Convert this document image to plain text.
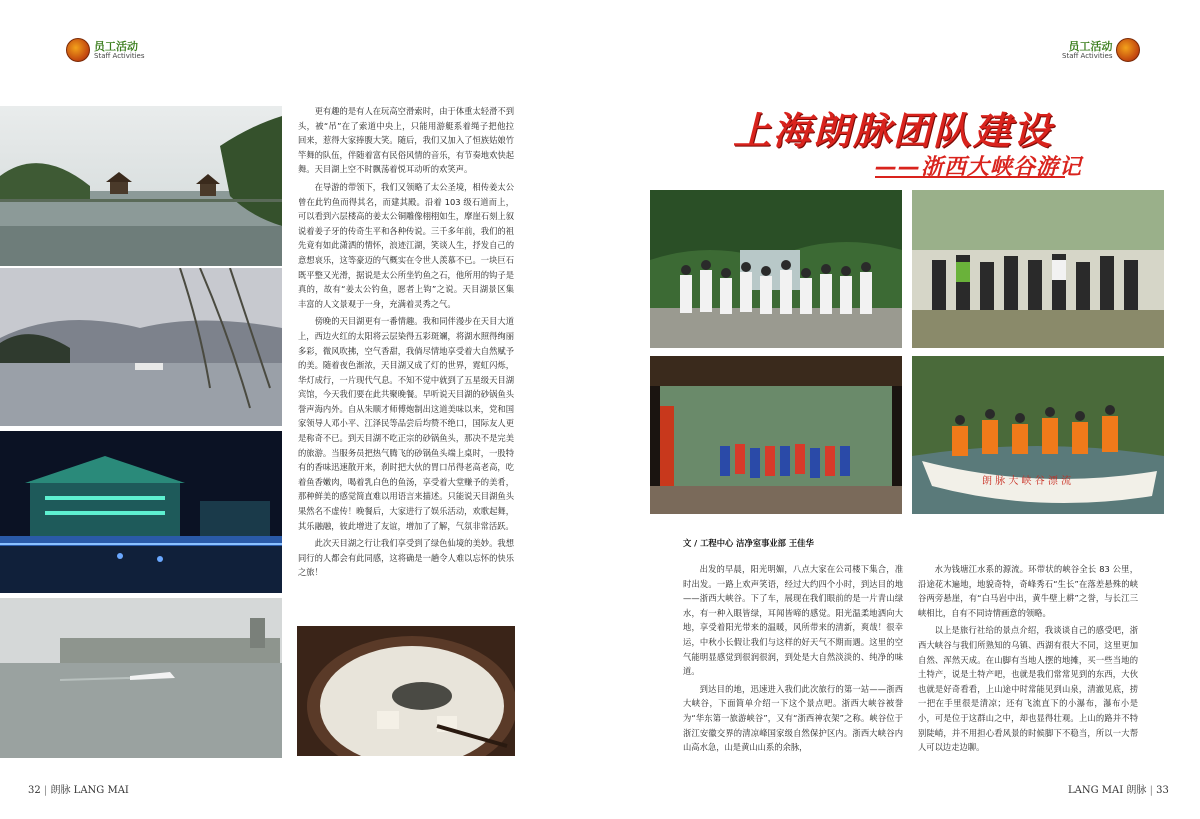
员工活动
Staff Activities
员工活动
Staff Activities

更有趣的是有人在玩高空滑索时，由于体重太轻滑不到头，被“吊”在了索道中央上，只能用游艇系着绳子把他拉回来，惹得大家捧腹大笑。随后，我们又加入了恒族姑娘竹竿舞的队伍，伴随着富有民俗风情的音乐，有节奏地欢快起舞。天目湖上空不时飘荡着悦耳动听的欢笑声。

在导游的带领下，我们又领略了太公圣境，相传姜太公曾在此钓鱼而得其名，而建其殿。沿着 103 级石道而上，可以看到六层楼高的姜太公铜雕像栩栩如生，摩崖石刻上叙说着姜子牙的传奇生平和各种传说。三千多年前，我们的祖先竟有如此潇洒的情怀，浪迹江湖，笑谈人生，抒发自己的意想哀乐，这等豪迈的气概实在令世人羡慕不已。一块巨石既平整又光滑，据说是太公所坐钓鱼之石，他所用的钩子是真的，故有“姜太公钓鱼，愿者上钩”之说。天目湖景区集丰富的人文景观于一身，充满着灵秀之气。

傍晚的天目湖更有一番情趣。我和同伴漫步在天目大道上，西边火红的太阳将云层染得五彩斑斓，将湖水照得绚丽多彩，微风吹拂，空气香甜，我倘尽情地享受着大自然赋予的美。随着夜色渐浓，天目湖又成了灯的世界，霓虹闪烁，华灯成行，一片现代气息。不知不觉中就到了五星级天目湖宾馆，今天我们要在此共聚晚餐。早听说天目湖的砂锅鱼头誉声海内外。自从朱顺才师傅炮制出这道美味以来，党和国家领导人邓小平、江泽民等品尝后均赞不绝口，国际友人更是称奇不已。到天目湖不吃正宗的砂锅鱼头，那决不是完美的旅游。当服务员把热气腾飞的砂锅鱼头端上桌时，一股特有的香味迅速散开来，刹时把大伙的胃口吊得老高老高，吃着鱼香嫩肉，喝着乳白色的鱼汤，享受着大堂赚予的美肴，那种鲜美的感觉简直难以用语言来描述。只能说天目湖鱼头果然名不虚传！晚餐后，大家进行了娱乐活动，欢歌起舞，其乐融融，彼此增进了友谊，增加了了解，气氛非常活跃。

此次天目湖之行让我们享受到了绿色仙境的美妙。我想同行的人都会有此同感，这将确是一趟令人难以忘怀的快乐之旅！

上海朗脉团队建设
——浙西大峡谷游记
朗 脉 大 峡 谷 漂 流
文 / 工程中心 洁净室事业部 王佳华

出发的早晨，阳光明媚，八点大家在公司楼下集合，准时出发。一路上欢声笑语，经过大约四个小时，到达目的地——浙西大峡谷。下了车，展现在我们眼前的是一片青山绿水，有一种入眼皆绿，耳闻皆啼的感觉。阳光温柔地洒向大地，享受着阳光带来的温暖，风所带来的清新，爽哉！很幸运，中秋小长假让我们与这样的好天气不期而遇。这里的空气能明显感觉到很润很润，到处是大自然淡淡的、纯净的味道。

到达目的地，迅速进入我们此次旅行的第一站——浙西大峡谷，下面简单介绍一下这个景点吧。浙西大峡谷被誉为“华东第一旅游峡谷”，又有“浙西神农架”之称。峡谷位于浙江安徽交界的清凉峰国家级自然保护区内。浙西大峡谷内山高水急，山是黄山山系的余脉，

水为钱塘江水系的源流。环带状的峡谷全长 83 公里，沿途花木遍地，地貌奇特，奇峰秀石“生长”在落差悬殊的峡谷两旁悬崖，有“白马岩中出，黄牛壁上耕”之誉，与长江三峡相比，自有不同诗情画意的领略。

以上是旅行社给的景点介绍，我谈谈自己的感受吧，浙西大峡谷与我们所熟知的乌镇、西湖有很大不同，这里更加自然、浑然天成。在山脚有当地人摆的地摊，买一些当地的土特产，说是土特产吧，也就是我们常常见到的东西，大伙也就是好奇看看，上山途中时常能见到山泉，清澈见底，捞一把在手里很是清凉；还有飞流直下的小瀑布，瀑布小是小，可是位于这群山之中，却也显得壮观。上山的路并不特别陡峭，并不用担心看风景的时候脚下不稳当，所以一大帮人可以边走边聊。

32 | 朗脉 LANG MAI	LANG MAI 朗脉 | 33
